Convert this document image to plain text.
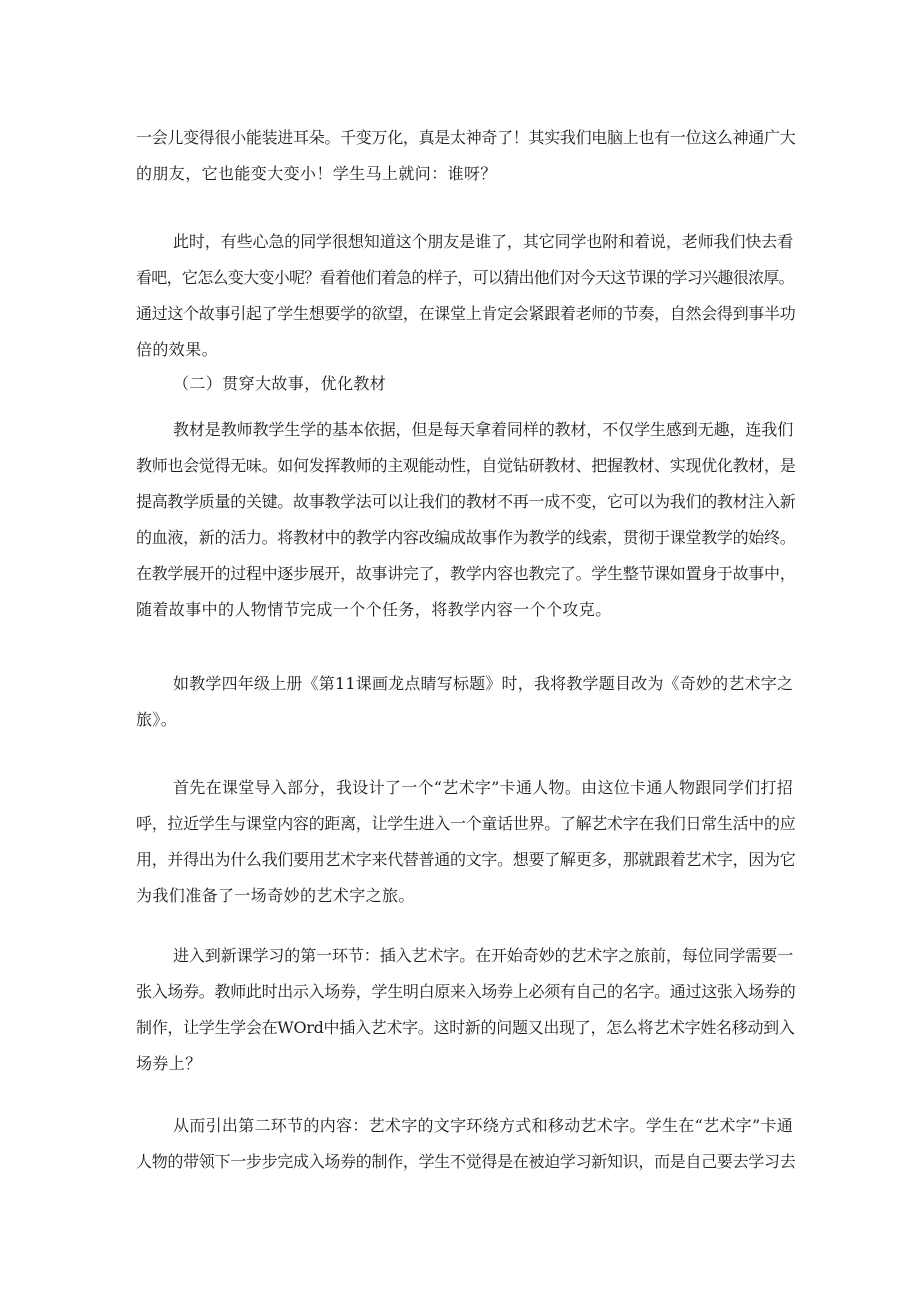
一会儿变得很小能装进耳朵。千变万化，真是太神奇了！其实我们电脑上也有一位这么神通广大
的朋友，它也能变大变小！学生马上就问：谁呀？

此时，有些心急的同学很想知道这个朋友是谁了，其它同学也附和着说，老师我们快去看
看吧，它怎么变大变小呢？看着他们着急的样子，可以猜出他们对今天这节课的学习兴趣很浓厚。
通过这个故事引起了学生想要学的欲望，在课堂上肯定会紧跟着老师的节奏，自然会得到事半功
倍的效果。

（二）贯穿大故事，优化教材

教材是教师教学生学的基本依据，但是每天拿着同样的教材，不仅学生感到无趣，连我们
教师也会觉得无味。如何发挥教师的主观能动性，自觉钻研教材、把握教材、实现优化教材，是
提高教学质量的关键。故事教学法可以让我们的教材不再一成不变，它可以为我们的教材注入新
的血液，新的活力。将教材中的教学内容改编成故事作为教学的线索，贯彻于课堂教学的始终。
在教学展开的过程中逐步展开，故事讲完了，教学内容也教完了。学生整节课如置身于故事中，
随着故事中的人物情节完成一个个任务，将教学内容一个个攻克。

如教学四年级上册《第11课画龙点睛写标题》时，我将教学题目改为《奇妙的艺术字之
旅》。

首先在课堂导入部分，我设计了一个“艺术字”卡通人物。由这位卡通人物跟同学们打招
呼，拉近学生与课堂内容的距离，让学生进入一个童话世界。了解艺术字在我们日常生活中的应
用，并得出为什么我们要用艺术字来代替普通的文字。想要了解更多，那就跟着艺术字，因为它
为我们准备了一场奇妙的艺术字之旅。

进入到新课学习的第一环节：插入艺术字。在开始奇妙的艺术字之旅前，每位同学需要一
张入场券。教师此时出示入场券，学生明白原来入场券上必须有自己的名字。通过这张入场券的
制作，让学生学会在WOrd中插入艺术字。这时新的问题又出现了，怎么将艺术字姓名移动到入
场券上？

从而引出第二环节的内容：艺术字的文字环绕方式和移动艺术字。学生在“艺术字”卡通
人物的带领下一步步完成入场券的制作，学生不觉得是在被迫学习新知识，而是自己要去学习去
